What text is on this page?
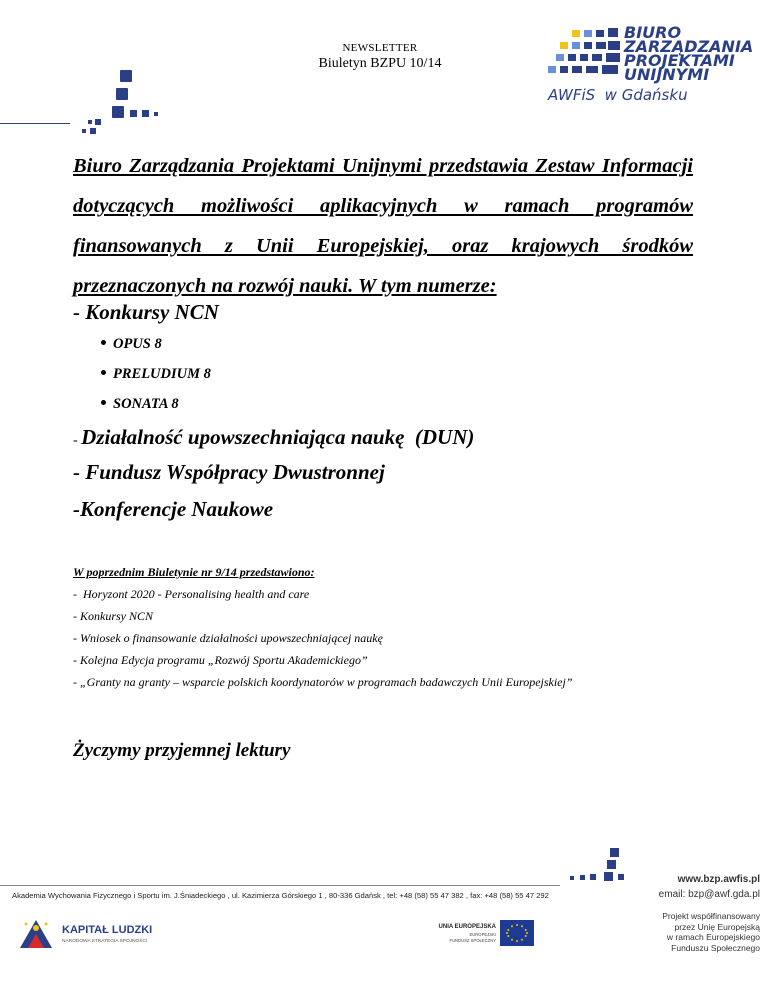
NEWSLETTER
Biuletyn BZPU 10/14
BIURO
ZARZĄDZANIA
PROJEKTAMI
UNIJNYMI
AWFiS  w Gdańsku
Biuro Zarządzania Projektami Unijnymi przedstawia Zestaw Informacji dotyczących możliwości aplikacyjnych w ramach programów finansowanych z Unii Europejskiej, oraz krajowych środków przeznaczonych na rozwój nauki. W tym numerze:
- Konkursy NCN
OPUS 8
PRELUDIUM 8
SONATA 8
- Działalność upowszechniająca naukę  (DUN)
- Fundusz Współpracy Dwustronnej
-Konferencje Naukowe
W poprzednim Biuletynie nr 9/14 przedstawiono:
-  Horyzont 2020 - Personalising health and care
- Konkursy NCN
- Wniosek o finansowanie działalności upowszechniającej naukę
- Kolejna Edycja programu „Rozwój Sportu Akademickiego”
- „Granty na granty – wsparcie polskich koordynatorów w programach badawczych Unii Europejskiej”
Życzymy przyjemnej lektury
Akademia Wychowania Fizycznego i Sportu im. J.Śniadeckiego , ul. Kazimierza Górskiego 1 , 80-336 Gdańsk , tel: +48 (58) 55 47 382 , fax: +48 (58) 55 47 292
www.bzp.awfis.pl
email: bzp@awf.gda.pl
Projekt współfinansowany
przez Unię Europejską
w ramach Europejskiego
Funduszu Społecznego
KAPITAŁ LUDZKI
NARODOWA STRATEGIA SPÓJNOŚCI
UNIA EUROPEJSKA
EUROPEJSKI
FUNDUSZ SPOŁECZNY
